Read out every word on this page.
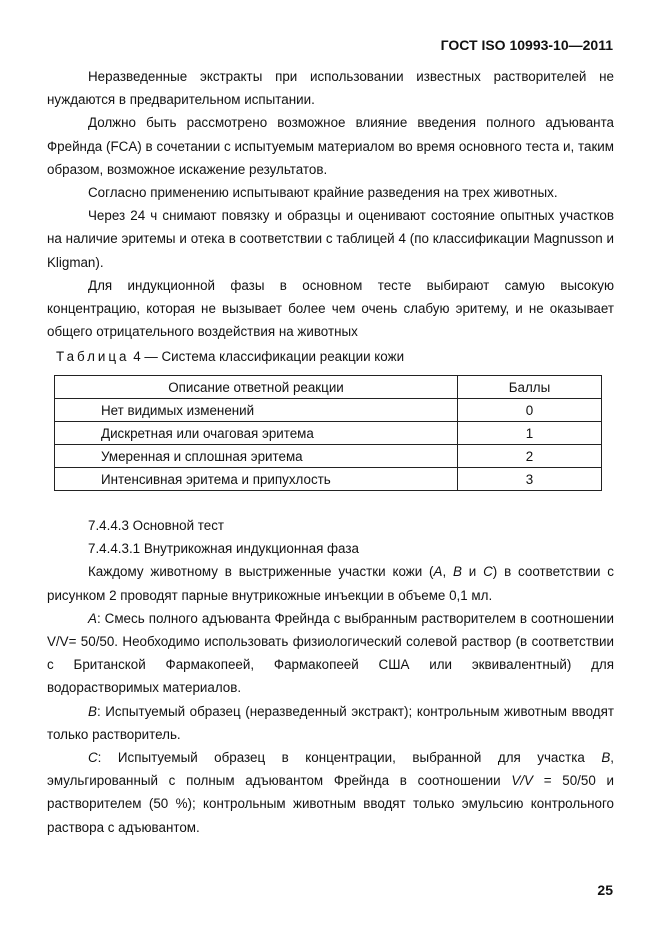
ГОСТ ISO 10993-10—2011

Неразведенные экстракты при использовании известных растворителей не нуждаются в предварительном испытании.

Должно быть рассмотрено возможное влияние введения полного адъюванта Фрейнда (FCA) в сочетании с испытуемым материалом во время основного теста и, таким образом, возможное искажение результатов.

Согласно применению испытывают крайние разведения на трех животных.

Через 24 ч снимают повязку и образцы и оценивают состояние опытных участков на наличие эритемы и отека в соответствии с таблицей 4 (по классификации Magnusson и Kligman).

Для индукционной фазы в основном тесте выбирают самую высокую концентрацию, которая не вызывает более чем очень слабую эритему, и не оказывает общего отрицательного воздействия на животных

Таблица 4 — Система классификации реакции кожи
Описание ответной реакции	Баллы
Нет видимых изменений	0
Дискретная или очаговая эритема	1
Умеренная и сплошная эритема	2
Интенсивная эритема и припухлость	3

7.4.4.3 Основной тест

7.4.4.3.1 Внутрикожная индукционная фаза

Каждому животному в выстриженные участки кожи (A, B и C) в соответствии с рисунком 2 проводят парные внутрикожные инъекции в объеме 0,1 мл.

A: Смесь полного адъюванта Фрейнда с выбранным растворителем в соотношении V/V= 50/50. Необходимо использовать физиологический солевой раствор (в соответствии с Британской Фармакопеей, Фармакопеей США или эквивалентный) для водорастворимых материалов.

B: Испытуемый образец (неразведенный экстракт); контрольным животным вводят только растворитель.

C: Испытуемый образец в концентрации, выбранной для участка B, эмульгированный с полным адъювантом Фрейнда в соотношении V/V = 50/50 и растворителем (50 %); контрольным животным вводят только эмульсию контрольного раствора с адъювантом.

25
